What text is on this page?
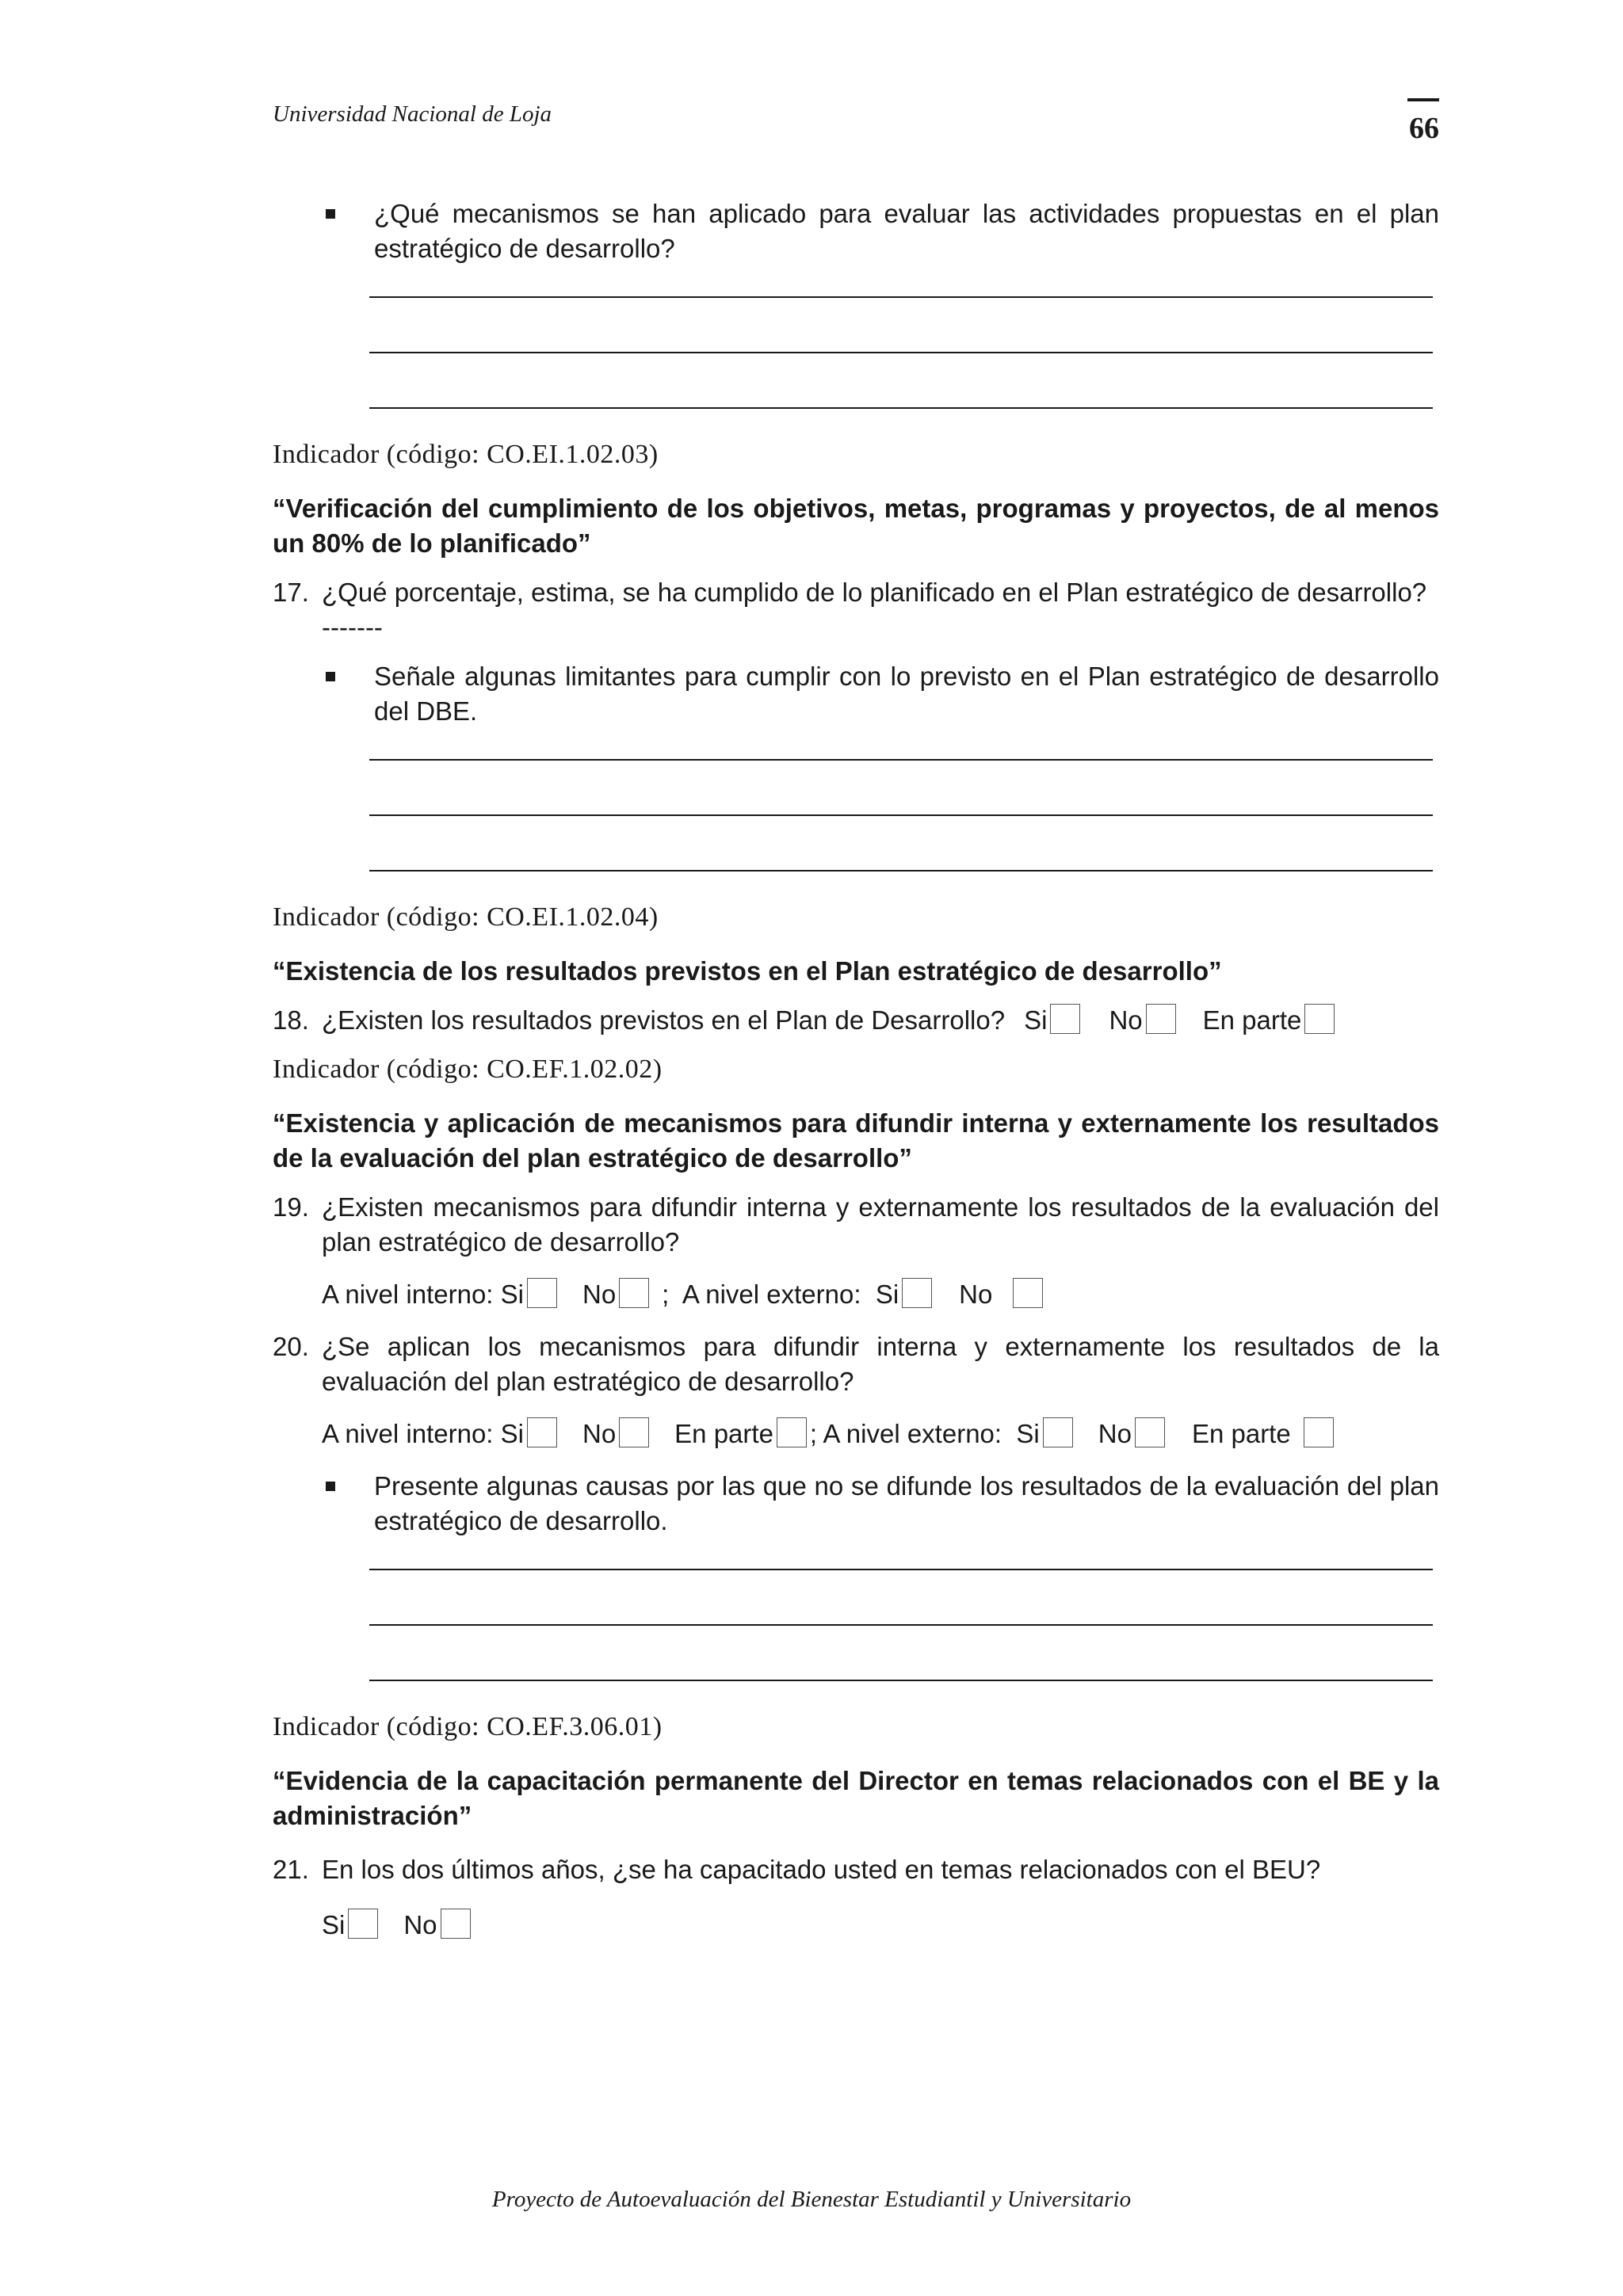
Universidad Nacional de Loja	66

¿Qué mecanismos se han aplicado para evaluar las actividades propuestas en el plan estratégico de desarrollo?

Indicador (código: CO.EI.1.02.03)

“Verificación del cumplimiento de los objetivos, metas, programas y proyectos, de al menos un 80% de lo planificado”

17. ¿Qué porcentaje, estima, se ha cumplido de lo planificado en el Plan estratégico de desarrollo? -------

Señale algunas limitantes para cumplir con lo previsto en el Plan estratégico de desarrollo del DBE.

Indicador (código: CO.EI.1.02.04)

“Existencia de los resultados previstos en el Plan estratégico de desarrollo”

18. ¿Existen los resultados previstos en el Plan de Desarrollo? Si No En parte
Indicador (código: CO.EF.1.02.02)

“Existencia y aplicación de mecanismos para difundir interna y externamente los resultados de la evaluación del plan estratégico de desarrollo”

19. ¿Existen mecanismos para difundir interna y externamente los resultados de la evaluación del plan estratégico de desarrollo?

A nivel interno: Si No ;  A nivel externo:  Si No
20. ¿Se aplican los mecanismos para difundir interna y externamente los resultados de la evaluación del plan estratégico de desarrollo?

A nivel interno: Si No En parte ; A nivel externo:  Si No En parte

Presente algunas causas por las que no se difunde los resultados de la evaluación del plan estratégico de desarrollo.

Indicador (código: CO.EF.3.06.01)

“Evidencia de la capacitación permanente del Director en temas relacionados con el BE y la administración”

21. En los dos últimos años, ¿se ha capacitado usted en temas relacionados con el BEU?
Si No
Proyecto de Autoevaluación del Bienestar Estudiantil y Universitario
